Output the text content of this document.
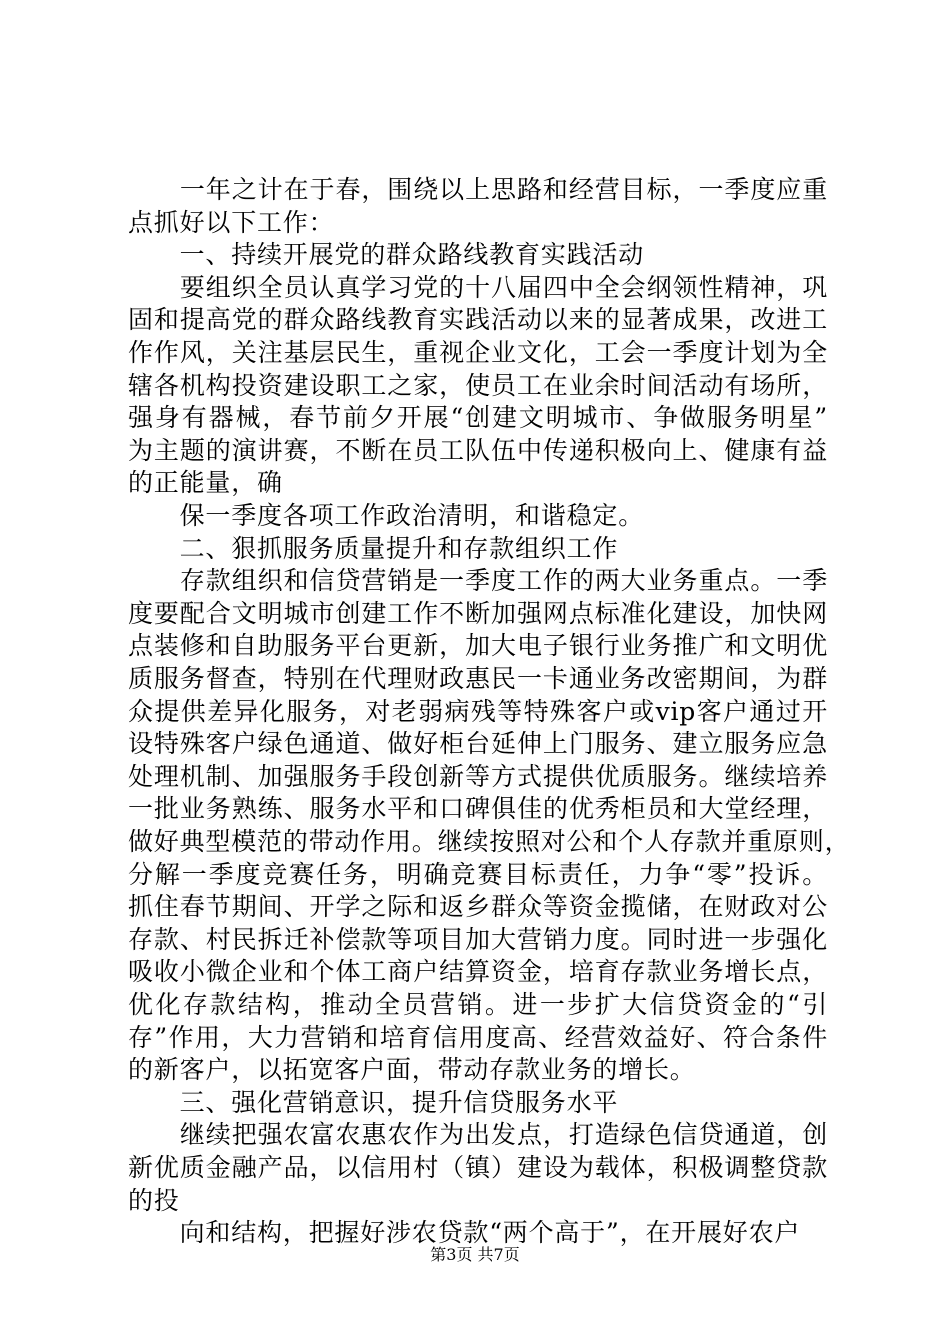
　　一年之计在于春，围绕以上思路和经营目标，一季度应重
点抓好以下工作：
　　一、持续开展党的群众路线教育实践活动
　　要组织全员认真学习党的十八届四中全会纲领性精神，巩
固和提高党的群众路线教育实践活动以来的显著成果，改进工
作作风，关注基层民生，重视企业文化，工会一季度计划为全
辖各机构投资建设职工之家，使员工在业余时间活动有场所，
强身有器械，春节前夕开展“创建文明城市、争做服务明星”
为主题的演讲赛，不断在员工队伍中传递积极向上、健康有益
的正能量，确
　　保一季度各项工作政治清明，和谐稳定。
　　二、狠抓服务质量提升和存款组织工作
　　存款组织和信贷营销是一季度工作的两大业务重点。一季
度要配合文明城市创建工作不断加强网点标准化建设，加快网
点装修和自助服务平台更新，加大电子银行业务推广和文明优
质服务督查，特别在代理财政惠民一卡通业务改密期间，为群
众提供差异化服务，对老弱病残等特殊客户或vip客户通过开
设特殊客户绿色通道、做好柜台延伸上门服务、建立服务应急
处理机制、加强服务手段创新等方式提供优质服务。继续培养
一批业务熟练、服务水平和口碑俱佳的优秀柜员和大堂经理，
做好典型模范的带动作用。继续按照对公和个人存款并重原则，
分解一季度竞赛任务，明确竞赛目标责任，力争“零”投诉。
抓住春节期间、开学之际和返乡群众等资金揽储，在财政对公
存款、村民拆迁补偿款等项目加大营销力度。同时进一步强化
吸收小微企业和个体工商户结算资金，培育存款业务增长点，
优化存款结构，推动全员营销。进一步扩大信贷资金的“引
存”作用，大力营销和培育信用度高、经营效益好、符合条件
的新客户，以拓宽客户面，带动存款业务的增长。
　　三、强化营销意识，提升信贷服务水平
　　继续把强农富农惠农作为出发点，打造绿色信贷通道，创
新优质金融产品，以信用村（镇）建设为载体，积极调整贷款
的投
　　向和结构，把握好涉农贷款“两个高于”，在开展好农户
第3页 共7页
